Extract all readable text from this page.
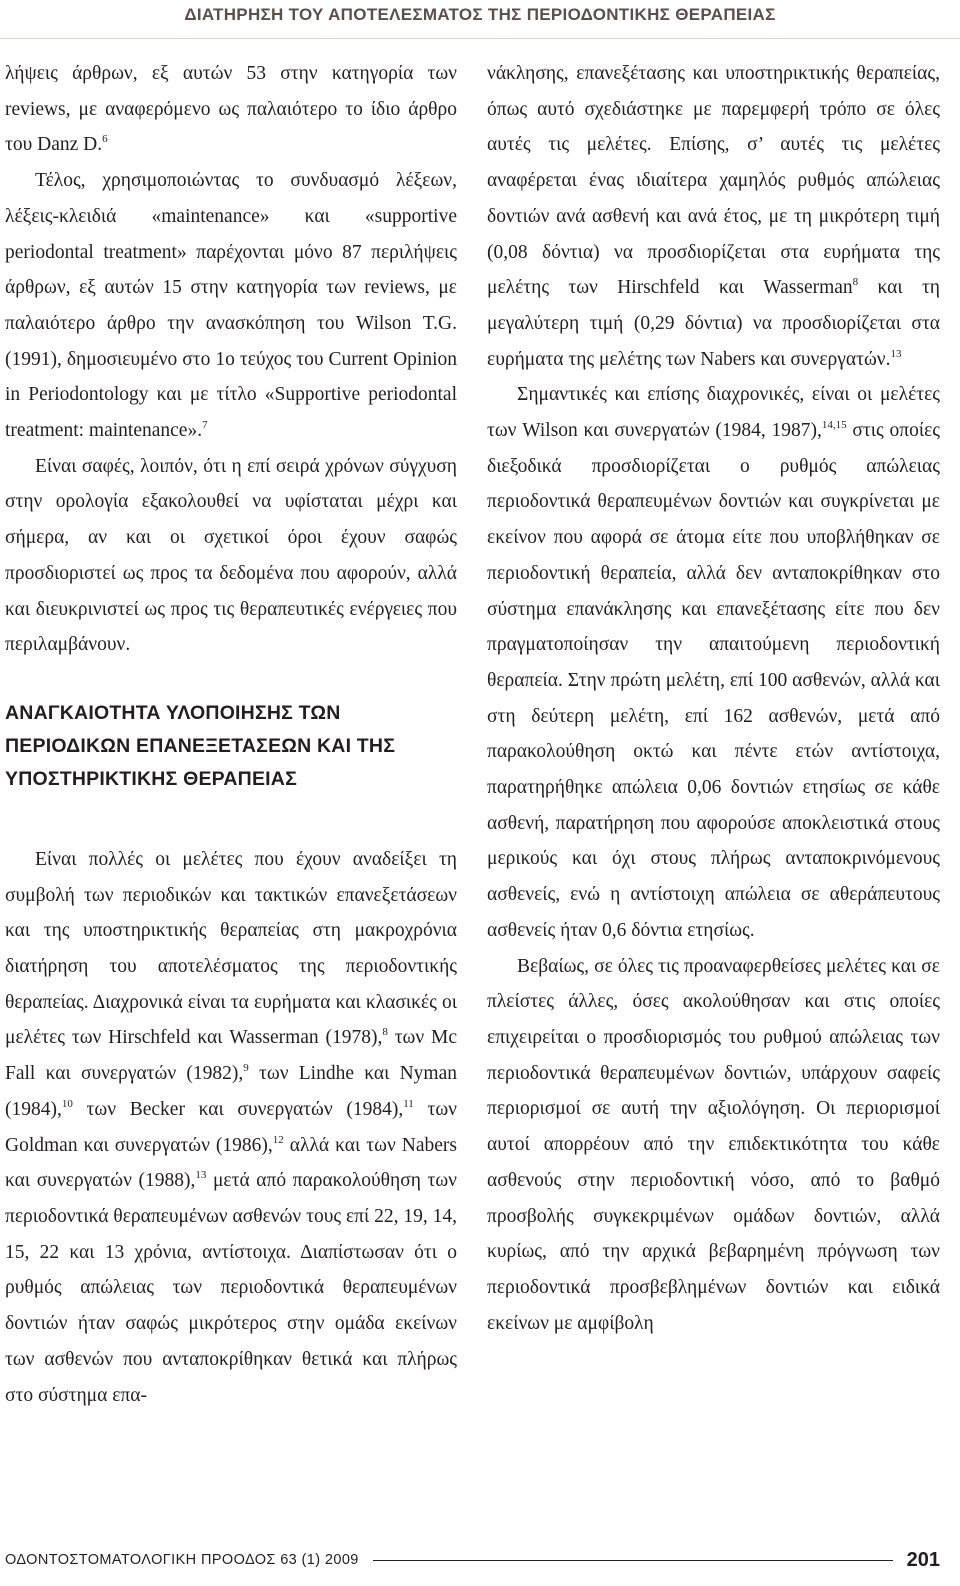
ΔΙΑΤΗΡΗΣΗ ΤΟΥ ΑΠΟΤΕΛΕΣΜΑΤΟΣ ΤΗΣ ΠΕΡΙΟΔΟΝΤΙΚΗΣ ΘΕΡΑΠΕΙΑΣ

λήψεις άρθρων, εξ αυτών 53 στην κατηγορία των reviews, με αναφερόμενο ως παλαιότερο το ίδιο άρθρο του Danz D.$^6$

Τέλος, χρησιμοποιώντας το συνδυασμό λέξεων, λέξεις-κλειδιά «maintenance» και «supportive periodontal treatment» παρέχονται μόνο 87 περιλήψεις άρθρων, εξ αυτών 15 στην κατηγορία των reviews, με παλαιότερο άρθρο την ανασκόπηση του Wilson T.G. (1991), δημοσιευμένο στο 1ο τεύχος του Current Opinion in Periodontology και με τίτλο «Supportive periodontal treatment: maintenance».$^7$

Είναι σαφές, λοιπόν, ότι η επί σειρά χρόνων σύγχυση στην ορολογία εξακολουθεί να υφίσταται μέχρι και σήμερα, αν και οι σχετικοί όροι έχουν σαφώς προσδιοριστεί ως προς τα δεδομένα που αφορούν, αλλά και διευκρινιστεί ως προς τις θεραπευτικές ενέργειες που περιλαμβάνουν.

ΑΝΑΓΚΑΙΟΤΗΤΑ ΥΛΟΠΟΙΗΣΗΣ ΤΩΝ ΠΕΡΙΟΔΙΚΩΝ ΕΠΑΝΕΞΕΤΑΣΕΩΝ ΚΑΙ ΤΗΣ ΥΠΟΣΤΗΡΙΚΤΙΚΗΣ ΘΕΡΑΠΕΙΑΣ

Είναι πολλές οι μελέτες που έχουν αναδείξει τη συμβολή των περιοδικών και τακτικών επανεξετάσεων και της υποστηρικτικής θεραπείας στη μακροχρόνια διατήρηση του αποτελέσματος της περιοδοντικής θεραπείας. Διαχρονικά είναι τα ευρήματα και κλασικές οι μελέτες των Hirschfeld και Wasserman (1978),$^8$ των Mc Fall και συνεργατών (1982),$^9$ των Lindhe και Nyman (1984),$^{10}$ των Becker και συνεργατών (1984),$^{11}$ των Goldman και συνεργατών (1986),$^{12}$ αλλά και των Nabers και συνεργατών (1988),$^{13}$ μετά από παρακολούθηση των περιοδοντικά θεραπευμένων ασθενών τους επί 22, 19, 14, 15, 22 και 13 χρόνια, αντίστοιχα. Διαπίστωσαν ότι ο ρυθμός απώλειας των περιοδοντικά θεραπευμένων δοντιών ήταν σαφώς μικρότερος στην ομάδα εκείνων των ασθενών που ανταποκρίθηκαν θετικά και πλήρως στο σύστημα επα-

νάκλησης, επανεξέτασης και υποστηρικτικής θεραπείας, όπως αυτό σχεδιάστηκε με παρεμφερή τρόπο σε όλες αυτές τις μελέτες. Επίσης, σ’ αυτές τις μελέτες αναφέρεται ένας ιδιαίτερα χαμηλός ρυθμός απώλειας δοντιών ανά ασθενή και ανά έτος, με τη μικρότερη τιμή (0,08 δόντια) να προσδιορίζεται στα ευρήματα της μελέτης των Hirschfeld και Wasserman$^8$ και τη μεγαλύτερη τιμή (0,29 δόντια) να προσδιορίζεται στα ευρήματα της μελέτης των Nabers και συνεργατών.$^{13}$

Σημαντικές και επίσης διαχρονικές, είναι οι μελέτες των Wilson και συνεργατών (1984, 1987),$^{14,15}$ στις οποίες διεξοδικά προσδιορίζεται ο ρυθμός απώλειας περιοδοντικά θεραπευμένων δοντιών και συγκρίνεται με εκείνον που αφορά σε άτομα είτε που υποβλήθηκαν σε περιοδοντική θεραπεία, αλλά δεν ανταποκρίθηκαν στο σύστημα επανάκλησης και επανεξέτασης είτε που δεν πραγματοποίησαν την απαιτούμενη περιοδοντική θεραπεία. Στην πρώτη μελέτη, επί 100 ασθενών, αλλά και στη δεύτερη μελέτη, επί 162 ασθενών, μετά από παρακολούθηση οκτώ και πέντε ετών αντίστοιχα, παρατηρήθηκε απώλεια 0,06 δοντιών ετησίως σε κάθε ασθενή, παρατήρηση που αφορούσε αποκλειστικά στους μερικούς και όχι στους πλήρως ανταποκρινόμενους ασθενείς, ενώ η αντίστοιχη απώλεια σε αθεράπευτους ασθενείς ήταν 0,6 δόντια ετησίως.

Βεβαίως, σε όλες τις προαναφερθείσες μελέτες και σε πλείστες άλλες, όσες ακολούθησαν και στις οποίες επιχειρείται ο προσδιορισμός του ρυθμού απώλειας των περιοδοντικά θεραπευμένων δοντιών, υπάρχουν σαφείς περιορισμοί σε αυτή την αξιολόγηση. Οι περιορισμοί αυτοί απορρέουν από την επιδεκτικότητα του κάθε ασθενούς στην περιοδοντική νόσο, από το βαθμό προσβολής συγκεκριμένων ομάδων δοντιών, αλλά κυρίως, από την αρχικά βεβαρημένη πρόγνωση των περιοδοντικά προσβεβλημένων δοντιών και ειδικά εκείνων με αμφίβολη

ΟΔΟΝΤΟΣΤΟΜΑΤΟΛΟΓΙΚΗ ΠΡΟΟΔΟΣ 63 (1) 2009	201
